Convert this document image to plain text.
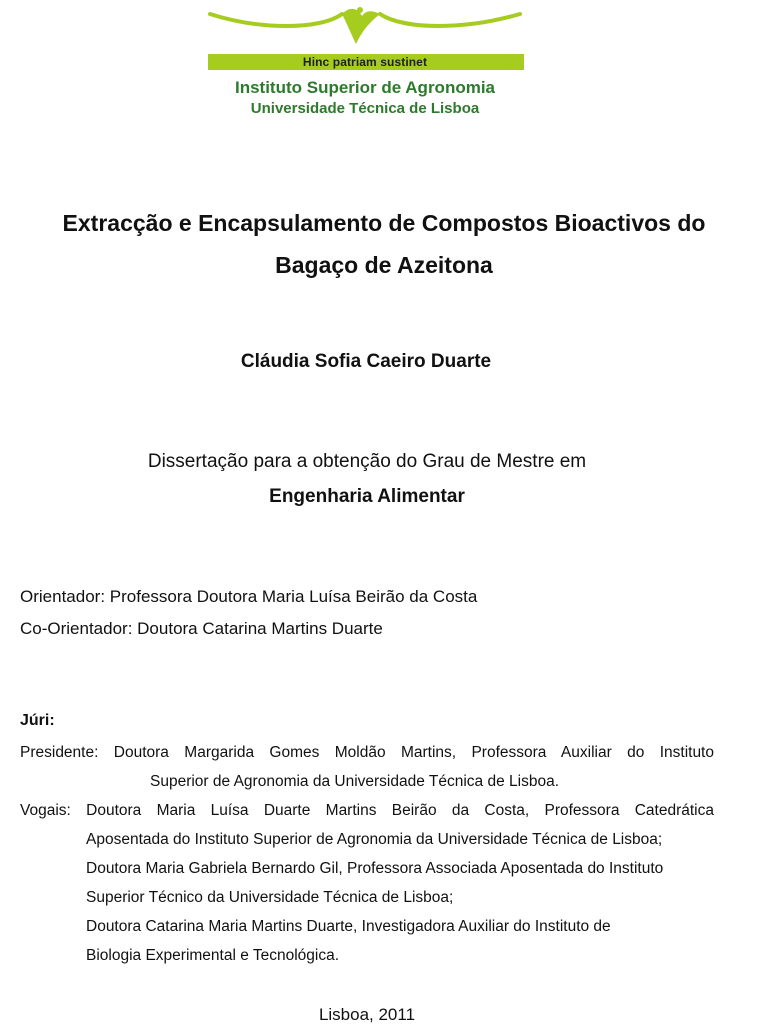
Hinc patriam sustinet
Instituto Superior de Agronomia
Universidade Técnica de Lisboa
Extracção e Encapsulamento de Compostos Bioactivos do
Bagaço de Azeitona
Cláudia Sofia Caeiro Duarte
Dissertação para a obtenção do Grau de Mestre em
Engenharia Alimentar
Orientador: Professora Doutora Maria Luísa Beirão da Costa
Co-Orientador: Doutora Catarina Martins Duarte
Júri:
Presidente: Doutora Margarida Gomes Moldão Martins, Professora Auxiliar do Instituto
Superior de Agronomia da Universidade Técnica de Lisboa.
Vogais: Doutora Maria Luísa Duarte Martins Beirão da Costa, Professora Catedrática
Aposentada do Instituto Superior de Agronomia da Universidade Técnica de Lisboa;
Doutora Maria Gabriela Bernardo Gil, Professora Associada Aposentada do Instituto
Superior Técnico da Universidade Técnica de Lisboa;
Doutora Catarina Maria Martins Duarte, Investigadora Auxiliar do Instituto de
Biologia Experimental e Tecnológica.
Lisboa, 2011
